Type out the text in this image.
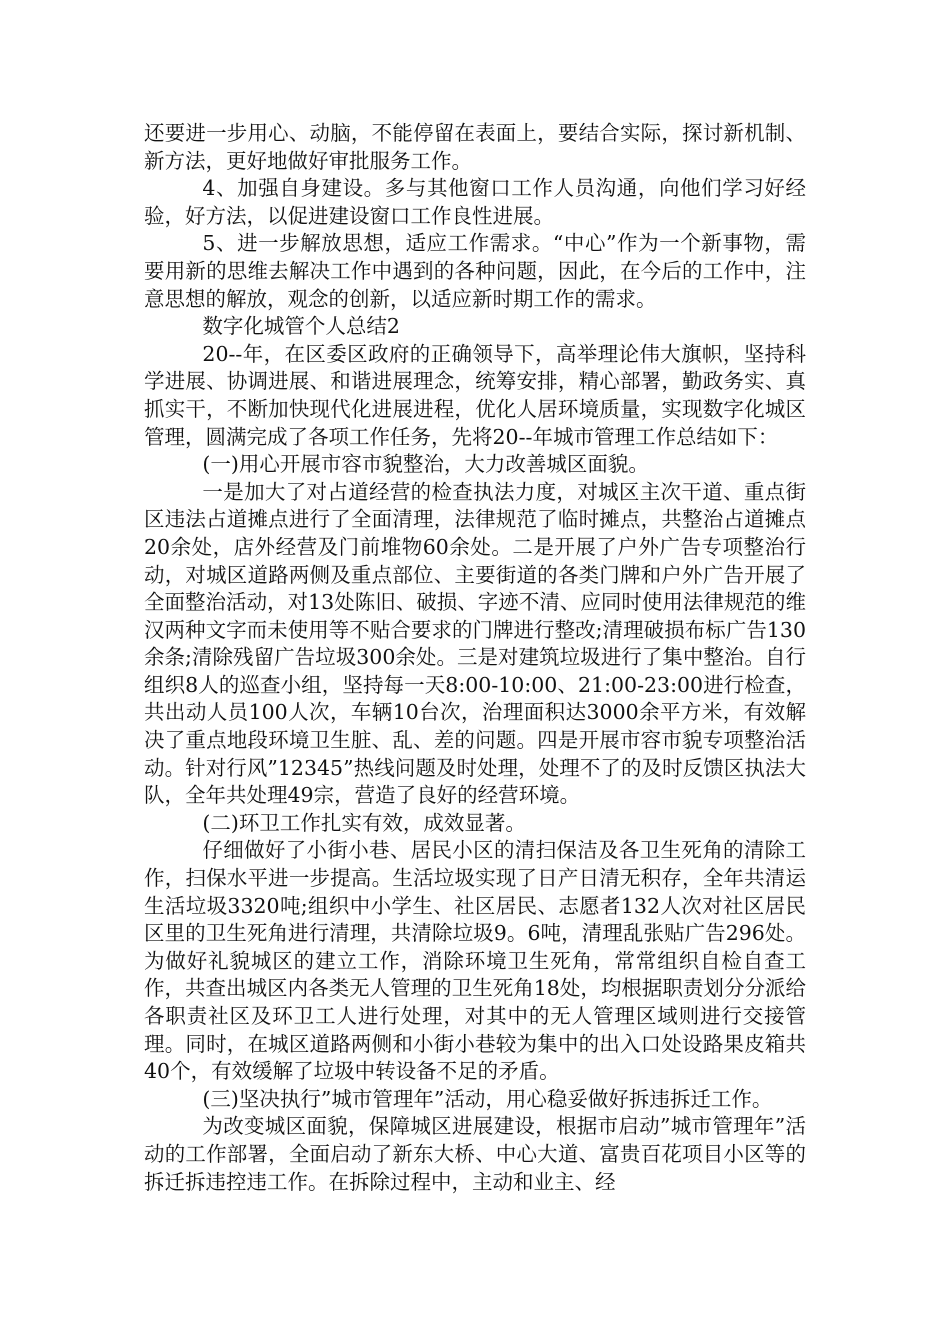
还要进一步用心、动脑，不能停留在表面上，要结合实际，探讨新机制、新方法，更好地做好审批服务工作。

4、加强自身建设。多与其他窗口工作人员沟通，向他们学习好经验，好方法，以促进建设窗口工作良性进展。

5、进一步解放思想，适应工作需求。“中心”作为一个新事物，需要用新的思维去解决工作中遇到的各种问题，因此，在今后的工作中，注意思想的解放，观念的创新，以适应新时期工作的需求。

数字化城管个人总结2

20--年，在区委区政府的正确领导下，高举理论伟大旗帜，坚持科学进展、协调进展、和谐进展理念，统筹安排，精心部署，勤政务实、真抓实干，不断加快现代化进展进程，优化人居环境质量，实现数字化城区管理，圆满完成了各项工作任务，先将20--年城市管理工作总结如下：

(一)用心开展市容市貌整治，大力改善城区面貌。

一是加大了对占道经营的检查执法力度，对城区主次干道、重点街区违法占道摊点进行了全面清理，法律规范了临时摊点，共整治占道摊点20余处，店外经营及门前堆物60余处。二是开展了户外广告专项整治行动，对城区道路两侧及重点部位、主要街道的各类门牌和户外广告开展了全面整治活动，对13处陈旧、破损、字迹不清、应同时使用法律规范的维汉两种文字而未使用等不贴合要求的门牌进行整改;清理破损布标广告130余条;清除残留广告垃圾300余处。三是对建筑垃圾进行了集中整治。自行组织8人的巡查小组，坚持每一天8:00-10:00、21:00-23:00进行检查，共出动人员100人次，车辆10台次，治理面积达3000余平方米，有效解决了重点地段环境卫生脏、乱、差的问题。四是开展市容市貌专项整治活动。针对行风”12345”热线问题及时处理，处理不了的及时反馈区执法大队，全年共处理49宗，营造了良好的经营环境。

(二)环卫工作扎实有效，成效显著。

仔细做好了小街小巷、居民小区的清扫保洁及各卫生死角的清除工作，扫保水平进一步提高。生活垃圾实现了日产日清无积存，全年共清运生活垃圾3320吨;组织中小学生、社区居民、志愿者132人次对社区居民区里的卫生死角进行清理，共清除垃圾9。6吨，清理乱张贴广告296处。为做好礼貌城区的建立工作，消除环境卫生死角，常常组织自检自查工作，共查出城区内各类无人管理的卫生死角18处，均根据职责划分分派给各职责社区及环卫工人进行处理，对其中的无人管理区域则进行交接管理。同时，在城区道路两侧和小街小巷较为集中的出入口处设路果皮箱共40个，有效缓解了垃圾中转设备不足的矛盾。

(三)坚决执行”城市管理年”活动，用心稳妥做好拆违拆迁工作。

为改变城区面貌，保障城区进展建设，根据市启动”城市管理年”活动的工作部署，全面启动了新东大桥、中心大道、富贵百花项目小区等的拆迁拆违控违工作。在拆除过程中，主动和业主、经
